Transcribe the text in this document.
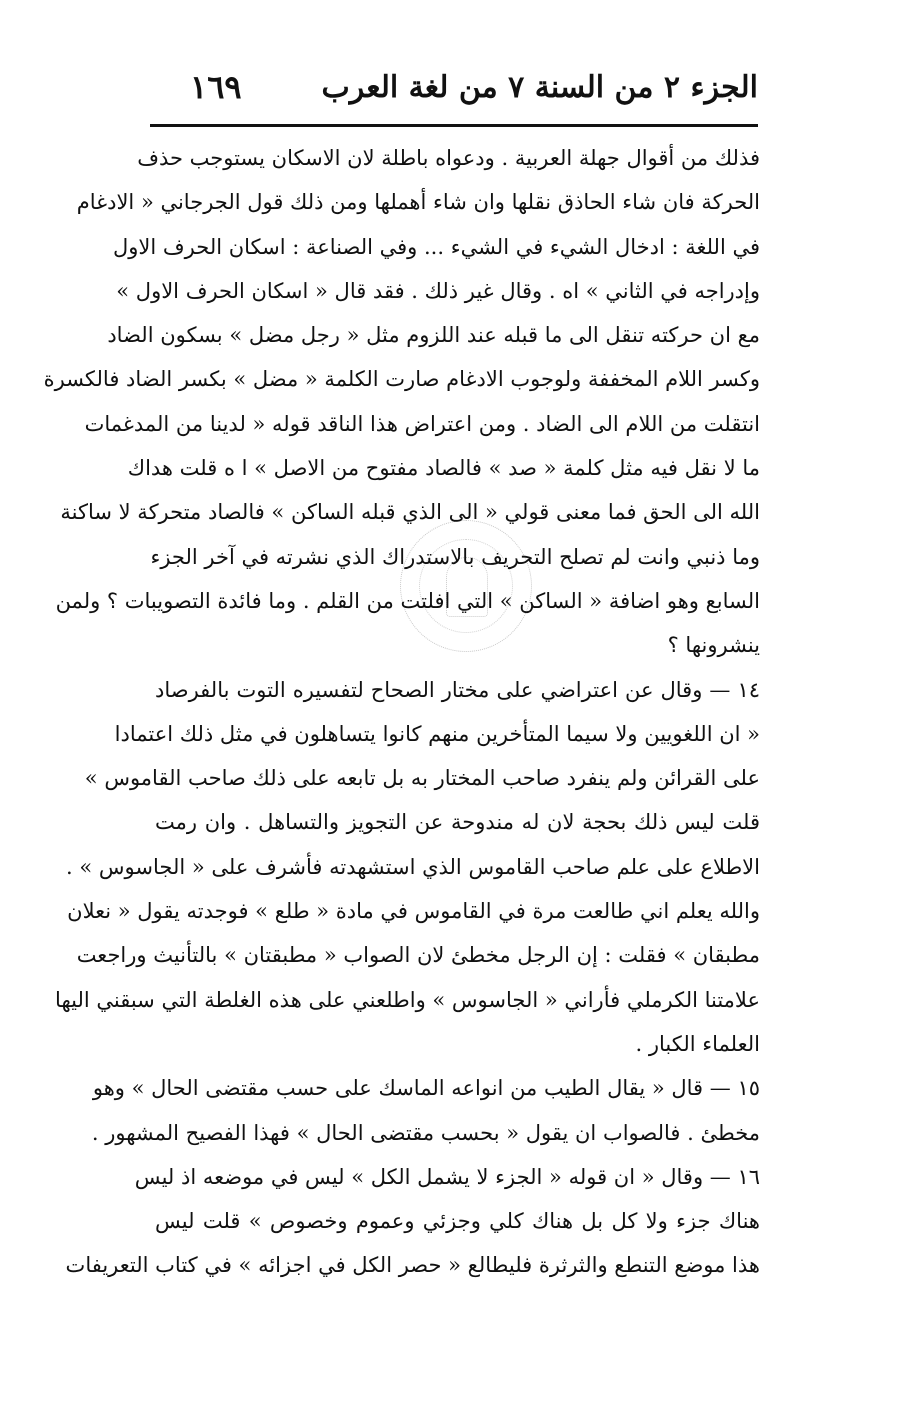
الجزء ٢ من السنة ٧ من لغة العرب
١٦٩
فذلك من أقوال جهلة العربية . ودعواه باطلة لان الاسكان يستوجب حذف
الحركة فان شاء الحاذق نقلها وان شاء أهملها ومن ذلك قول الجرجاني « الادغام
في اللغة : ادخال الشيء في الشيء ... وفي الصناعة : اسكان الحرف الاول
وإدراجه في الثاني » اه . وقال غير ذلك . فقد قال « اسكان الحرف الاول »
مع ان حركته تنقل الى ما قبله عند اللزوم مثل « رجل مضل » بسكون الضاد
وكسر اللام المخففة ولوجوب الادغام صارت الكلمة « مضل » بكسر الضاد فالكسرة
انتقلت من اللام الى الضاد . ومن اعتراض هذا الناقد قوله « لدينا من المدغمات
ما لا نقل فيه مثل كلمة « صد » فالصاد مفتوح من الاصل » ا ه قلت هداك
الله الى الحق فما معنى قولي « الى الذي قبله الساكن » فالصاد متحركة لا ساكنة
وما ذنبي وانت لم تصلح التحريف بالاستدراك الذي نشرته في آخر الجزء
السابع وهو اضافة « الساكن » التي افلتت من القلم . وما فائدة التصويبات ؟ ولمن
ينشرونها ؟
١٤ — وقال عن اعتراضي على مختار الصحاح لتفسيره التوت بالفرصاد
« ان اللغويين ولا سيما المتأخرين منهم كانوا يتساهلون في مثل ذلك اعتمادا
على القرائن ولم ينفرد صاحب المختار به بل تابعه على ذلك صاحب القاموس »
قلت ليس ذلك بحجة لان له مندوحة عن التجويز والتساهل . وان رمت
الاطلاع على علم صاحب القاموس الذي استشهدته فأشرف على « الجاسوس » .
والله يعلم اني طالعت مرة في القاموس في مادة « طلع » فوجدته يقول « نعلان
مطبقان » فقلت : إن الرجل مخطئ لان الصواب « مطبقتان » بالتأنيث وراجعت
علامتنا الكرملي فأراني « الجاسوس » واطلعني على هذه الغلطة التي سبقني اليها
العلماء الكبار .
١٥ — قال « يقال الطيب من انواعه الماسك على حسب مقتضى الحال » وهو
مخطئ . فالصواب ان يقول « بحسب مقتضى الحال » فهذا الفصيح المشهور .
١٦ — وقال « ان قوله « الجزء لا يشمل الكل » ليس في موضعه اذ ليس
هناك جزء ولا كل بل هناك كلي وجزئي وعموم وخصوص » قلت ليس
هذا موضع التنطع والثرثرة فليطالع « حصر الكل في اجزائه » في كتاب التعريفات
